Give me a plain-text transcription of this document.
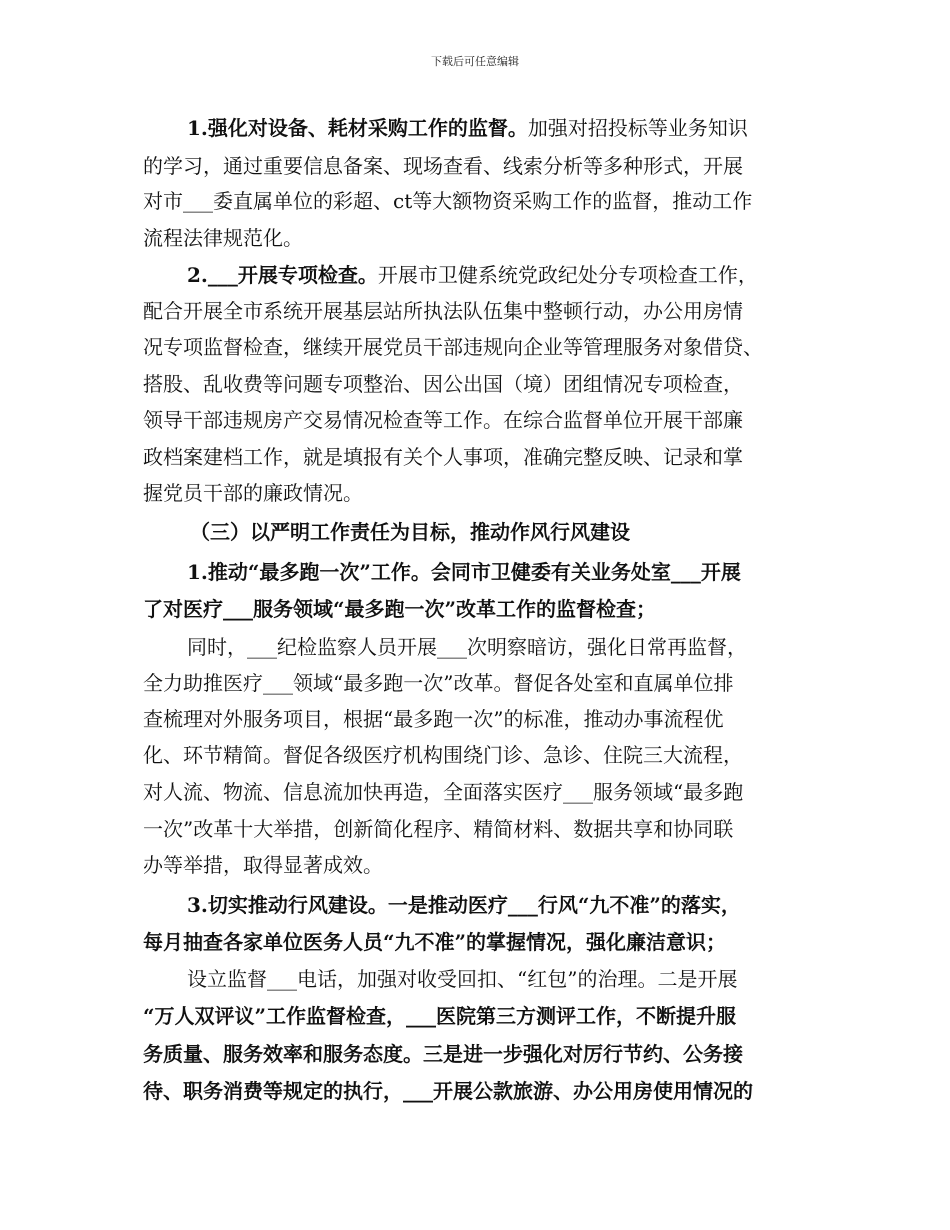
下载后可任意编辑
1.强化对设备、耗材采购工作的监督。加强对招投标等业务知识
的学习，通过重要信息备案、现场查看、线索分析等多种形式，开展
对市___委直属单位的彩超、ct等大额物资采购工作的监督，推动工作
流程法律规范化。
2.___开展专项检查。开展市卫健系统党政纪处分专项检查工作，
配合开展全市系统开展基层站所执法队伍集中整顿行动，办公用房情
况专项监督检查，继续开展党员干部违规向企业等管理服务对象借贷、
搭股、乱收费等问题专项整治、因公出国（境）团组情况专项检查，
领导干部违规房产交易情况检查等工作。在综合监督单位开展干部廉
政档案建档工作，就是填报有关个人事项，准确完整反映、记录和掌
握党员干部的廉政情况。
（三）以严明工作责任为目标，推动作风行风建设
1.推动“最多跑一次”工作。会同市卫健委有关业务处室___开展
了对医疗___服务领域“最多跑一次”改革工作的监督检查；
同时，___纪检监察人员开展___次明察暗访，强化日常再监督，
全力助推医疗___领域“最多跑一次”改革。督促各处室和直属单位排
查梳理对外服务项目，根据“最多跑一次”的标准，推动办事流程优
化、环节精简。督促各级医疗机构围绕门诊、急诊、住院三大流程，
对人流、物流、信息流加快再造，全面落实医疗___服务领域“最多跑
一次”改革十大举措，创新简化程序、精简材料、数据共享和协同联
办等举措，取得显著成效。
3.切实推动行风建设。一是推动医疗___行风“九不准”的落实，
每月抽查各家单位医务人员“九不准”的掌握情况，强化廉洁意识；
设立监督___电话，加强对收受回扣、“红包”的治理。二是开展
“万人双评议”工作监督检查，___医院第三方测评工作，不断提升服
务质量、服务效率和服务态度。三是进一步强化对厉行节约、公务接
待、职务消费等规定的执行，___开展公款旅游、办公用房使用情况的
